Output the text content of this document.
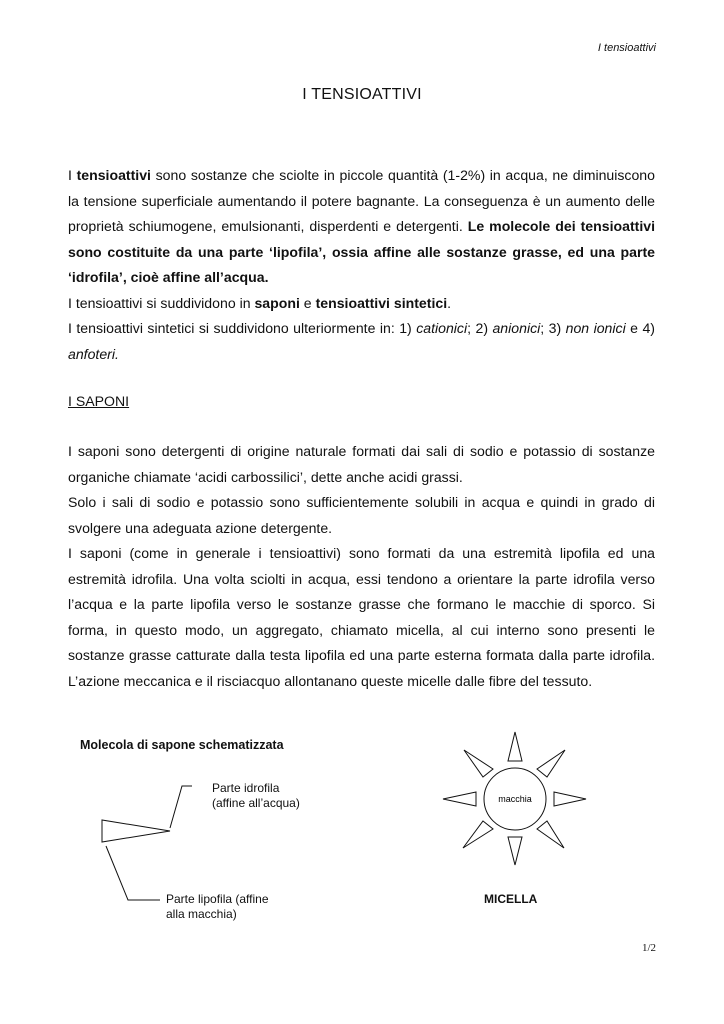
I tensioattivi
I TENSIOATTIVI

I tensioattivi sono sostanze che sciolte in piccole quantità (1-2%) in acqua, ne diminuiscono la tensione superficiale aumentando il potere bagnante. La conseguenza è un aumento delle proprietà schiumogene, emulsionanti, disperdenti e detergenti. Le molecole dei tensioattivi sono costituite da una parte ‘lipofila’, ossia affine alle sostanze grasse, ed una parte ‘idrofila’, cioè affine all’acqua.

I tensioattivi si suddividono in saponi e tensioattivi sintetici.

I tensioattivi sintetici si suddividono ulteriormente in: 1) cationici; 2) anionici; 3) non ionici e 4) anfoteri.

I SAPONI

I saponi sono detergenti di origine naturale formati dai sali di sodio e potassio di sostanze organiche chiamate ‘acidi carbossilici’, dette anche acidi grassi.

Solo i sali di sodio e potassio sono sufficientemente solubili in acqua e quindi in grado di svolgere una adeguata azione detergente.

I saponi (come in generale i tensioattivi) sono formati da una estremità lipofila ed una estremità idrofila. Una volta sciolti in acqua, essi tendono a orientare la parte idrofila verso l’acqua e la parte lipofila verso le sostanze grasse che formano le macchie di sporco. Si forma, in questo modo, un aggregato, chiamato micella, al cui interno sono presenti le sostanze grasse catturate dalla testa lipofila ed una parte esterna formata dalla parte idrofila. L’azione meccanica e il risciacquo allontanano queste micelle dalle fibre del tessuto.

Molecola di sapone schematizzata
Parte idrofila
(affine all’acqua)
Parte lipofila (affine
alla macchia)
macchia
MICELLA
1/2
